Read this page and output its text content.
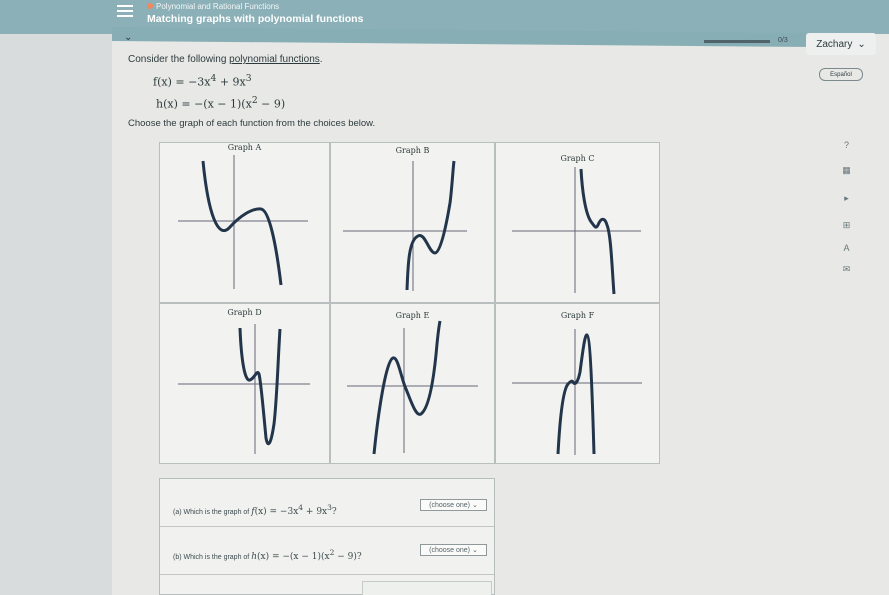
Polynomial and Rational Functions
Matching graphs with polynomial functions
⌄	0/3	Zachary ⌄
Español
Consider the following polynomial functions.
$f(x) = -3x^4 + 9x^3$
$h(x) = -(x - 1)(x^2 - 9)$
Choose the graph of each function from the choices below.
Graph A	Graph B
Graph C
Graph D	Graph E	Graph F
(a) Which is the graph of $f(x) = -3x^4 + 9x^3$?
(choose one)
⌄
(b) Which is the graph of $h(x) = -(x - 1)(x^2 - 9)$?
(choose one)
⌄
?
▦
▸
⊞
A
✉
